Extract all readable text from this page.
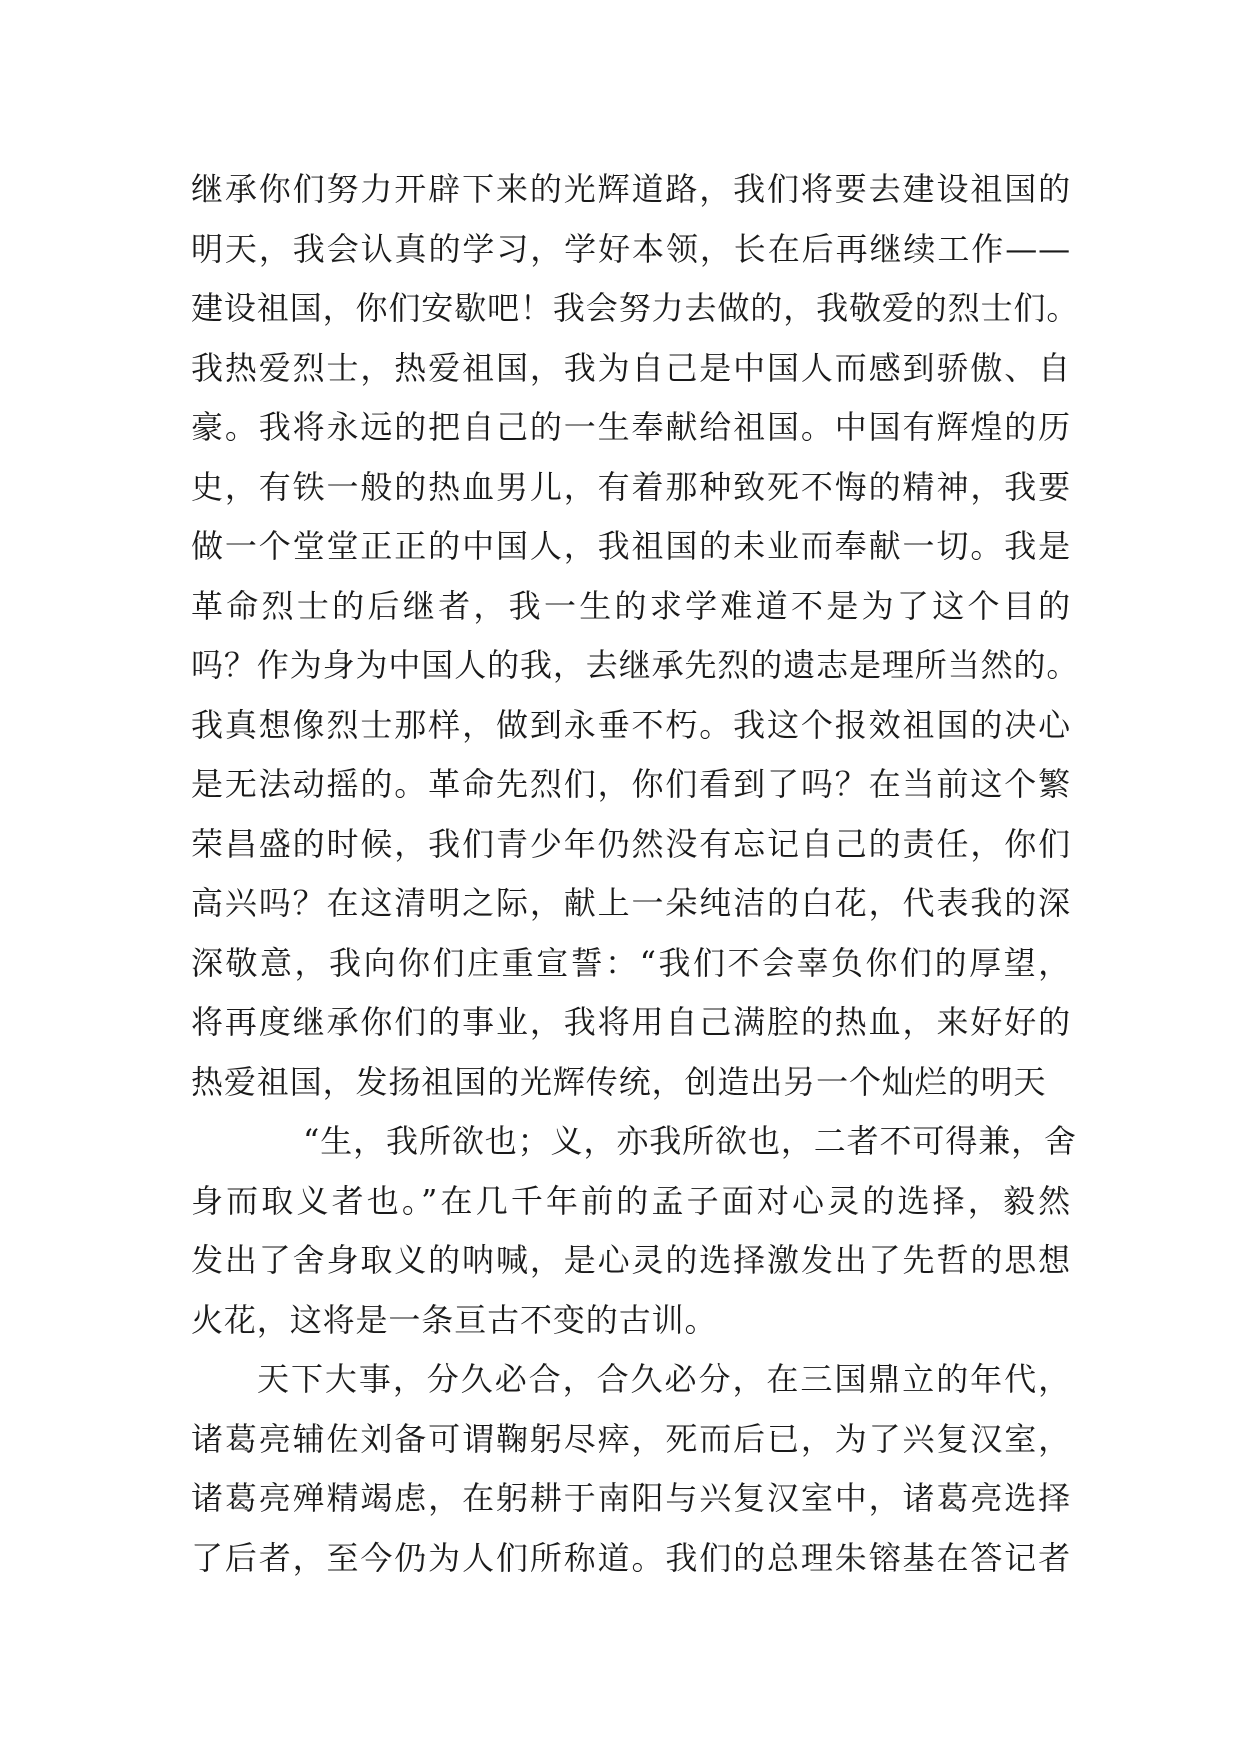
继承你们努力开辟下来的光辉道路，我们将要去建设祖国的
明天，我会认真的学习，学好本领，长在后再继续工作——
建设祖国，你们安歇吧！我会努力去做的，我敬爱的烈士们。
我热爱烈士，热爱祖国，我为自己是中国人而感到骄傲、自
豪。我将永远的把自己的一生奉献给祖国。中国有辉煌的历
史，有铁一般的热血男儿，有着那种致死不悔的精神，我要
做一个堂堂正正的中国人，我祖国的未业而奉献一切。我是
革命烈士的后继者，我一生的求学难道不是为了这个目的
吗？作为身为中国人的我，去继承先烈的遗志是理所当然的。
我真想像烈士那样，做到永垂不朽。我这个报效祖国的决心
是无法动摇的。革命先烈们，你们看到了吗？在当前这个繁
荣昌盛的时候，我们青少年仍然没有忘记自己的责任，你们
高兴吗？在这清明之际，献上一朵纯洁的白花，代表我的深
深敬意，我向你们庄重宣誓：“我们不会辜负你们的厚望，
将再度继承你们的事业，我将用自己满腔的热血，来好好的
热爱祖国，发扬祖国的光辉传统，创造出另一个灿烂的明天
“生，我所欲也；义，亦我所欲也，二者不可得兼，舍
身而取义者也。”在几千年前的孟子面对心灵的选择，毅然
发出了舍身取义的呐喊，是心灵的选择激发出了先哲的思想
火花，这将是一条亘古不变的古训。
天下大事，分久必合，合久必分，在三国鼎立的年代，
诸葛亮辅佐刘备可谓鞠躬尽瘁，死而后已，为了兴复汉室，
诸葛亮殚精竭虑，在躬耕于南阳与兴复汉室中，诸葛亮选择
了后者，至今仍为人们所称道。我们的总理朱镕基在答记者
